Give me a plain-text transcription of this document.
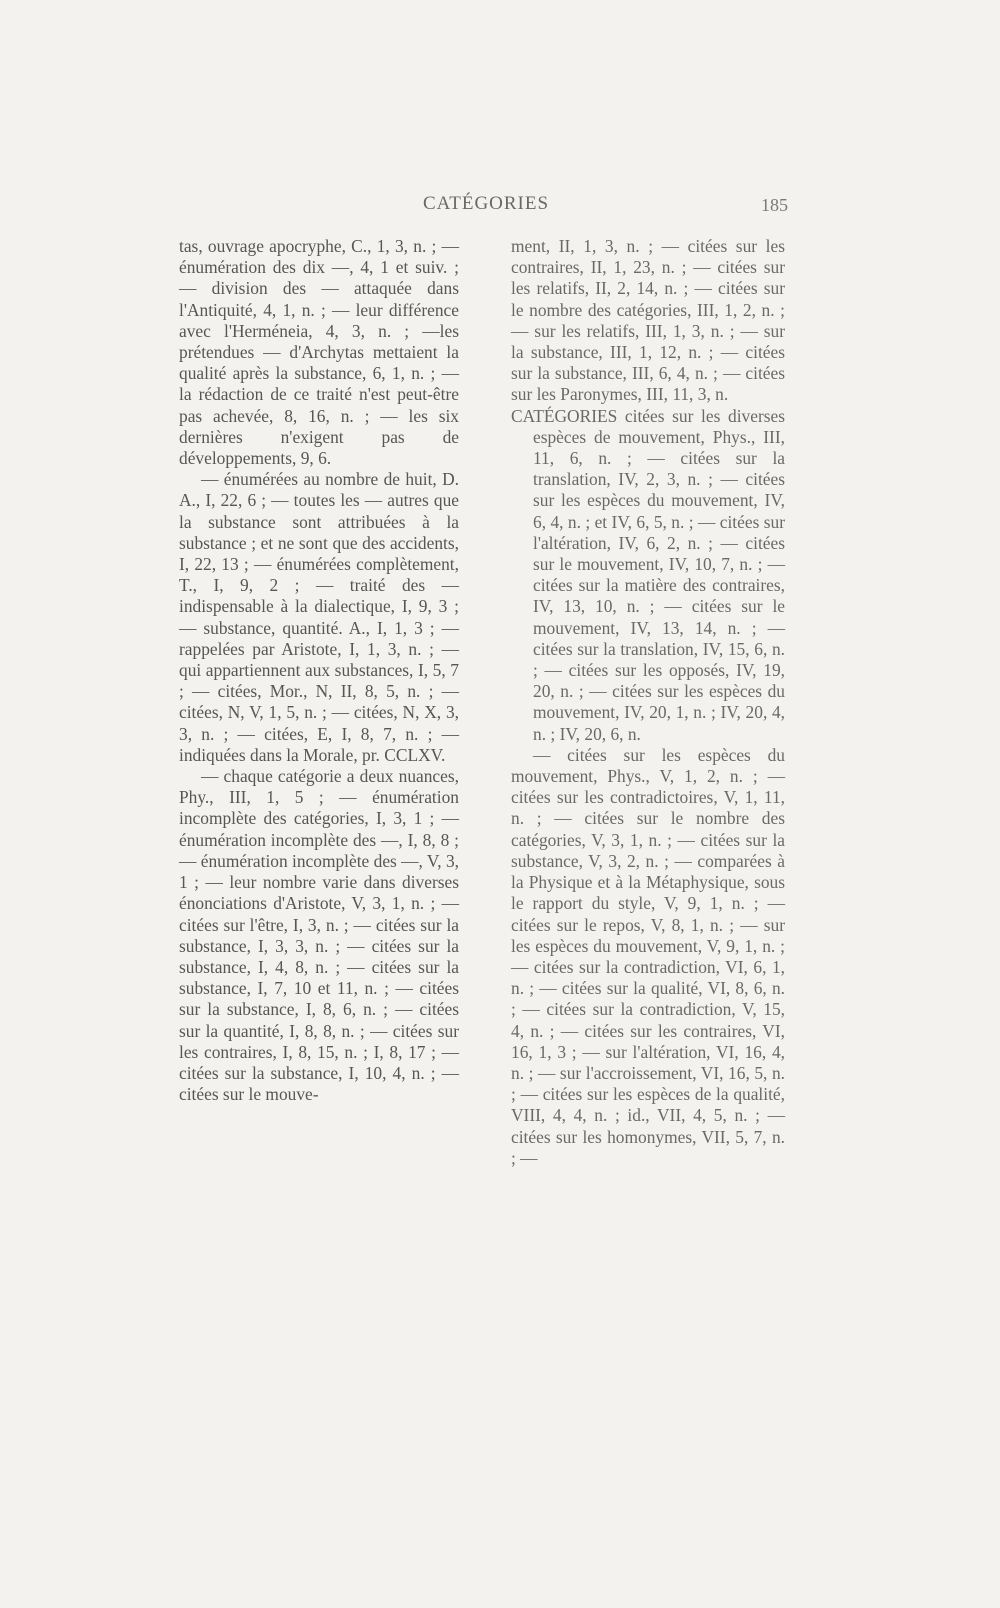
CATÉGORIES	185

tas, ouvrage apocryphe, C., 1, 3, n. ; — énumération des dix —, 4, 1 et suiv. ; — division des — attaquée dans l'Antiquité, 4, 1, n. ; — leur différence avec l'Herméneia, 4, 3, n. ; —les prétendues — d'Archytas mettaient la qualité après la substance, 6, 1, n. ; — la rédaction de ce traité n'est peut-être pas achevée, 8, 16, n. ; — les six dernières n'exigent pas de développements, 9, 6.

— énumérées au nombre de huit, D. A., I, 22, 6 ; — toutes les — autres que la substance sont attribuées à la substance ; et ne sont que des accidents, I, 22, 13 ; — énumérées complètement, T., I, 9, 2 ; — traité des — indispensable à la dialectique, I, 9, 3 ; — substance, quantité. A., I, 1, 3 ; — rappelées par Aristote, I, 1, 3, n. ; — qui appartiennent aux substances, I, 5, 7 ; — citées, Mor., N, II, 8, 5, n. ; — citées, N, V, 1, 5, n. ; — citées, N, X, 3, 3, n. ; — citées, E, I, 8, 7, n. ; — indiquées dans la Morale, pr. CCLXV.

— chaque catégorie a deux nuances, Phy., III, 1, 5 ; — énumération incomplète des catégories, I, 3, 1 ; — énumération incomplète des —, I, 8, 8 ; — énumération incomplète des —, V, 3, 1 ; — leur nombre varie dans diverses énonciations d'Aristote, V, 3, 1, n. ; — citées sur l'être, I, 3, n. ; — citées sur la substance, I, 3, 3, n. ; — citées sur la substance, I, 4, 8, n. ; — citées sur la substance, I, 7, 10 et 11, n. ; — citées sur la substance, I, 8, 6, n. ; — citées sur la quantité, I, 8, 8, n. ; — citées sur les contraires, I, 8, 15, n. ; I, 8, 17 ; — citées sur la substance, I, 10, 4, n. ; — citées sur le mouve-

ment, II, 1, 3, n. ; — citées sur les contraires, II, 1, 23, n. ; — citées sur les relatifs, II, 2, 14, n. ; — citées sur le nombre des catégories, III, 1, 2, n. ; — sur les relatifs, III, 1, 3, n. ; — sur la substance, III, 1, 12, n. ; — citées sur la substance, III, 6, 4, n. ; — citées sur les Paronymes, III, 11, 3, n.

CATÉGORIES citées sur les diverses espèces de mouvement, Phys., III, 11, 6, n. ; — citées sur la translation, IV, 2, 3, n. ; — citées sur les espèces du mouvement, IV, 6, 4, n. ; et IV, 6, 5, n. ; — citées sur l'altération, IV, 6, 2, n. ; — citées sur le mouvement, IV, 10, 7, n. ; — citées sur la matière des contraires, IV, 13, 10, n. ; — citées sur le mouvement, IV, 13, 14, n. ; — citées sur la translation, IV, 15, 6, n. ; — citées sur les opposés, IV, 19, 20, n. ; — citées sur les espèces du mouvement, IV, 20, 1, n. ; IV, 20, 4, n. ; IV, 20, 6, n.

— citées sur les espèces du mouvement, Phys., V, 1, 2, n. ; — citées sur les contradictoires, V, 1, 11, n. ; — citées sur le nombre des catégories, V, 3, 1, n. ; — citées sur la substance, V, 3, 2, n. ; — comparées à la Physique et à la Métaphysique, sous le rapport du style, V, 9, 1, n. ; — citées sur le repos, V, 8, 1, n. ; — sur les espèces du mouvement, V, 9, 1, n. ; — citées sur la contradiction, VI, 6, 1, n. ; — citées sur la qualité, VI, 8, 6, n. ; — citées sur la contradiction, V, 15, 4, n. ; — citées sur les contraires, VI, 16, 1, 3 ; — sur l'altération, VI, 16, 4, n. ; — sur l'accroissement, VI, 16, 5, n. ; — citées sur les espèces de la qualité, VIII, 4, 4, n. ; id., VII, 4, 5, n. ; — citées sur les homonymes, VII, 5, 7, n. ; —
